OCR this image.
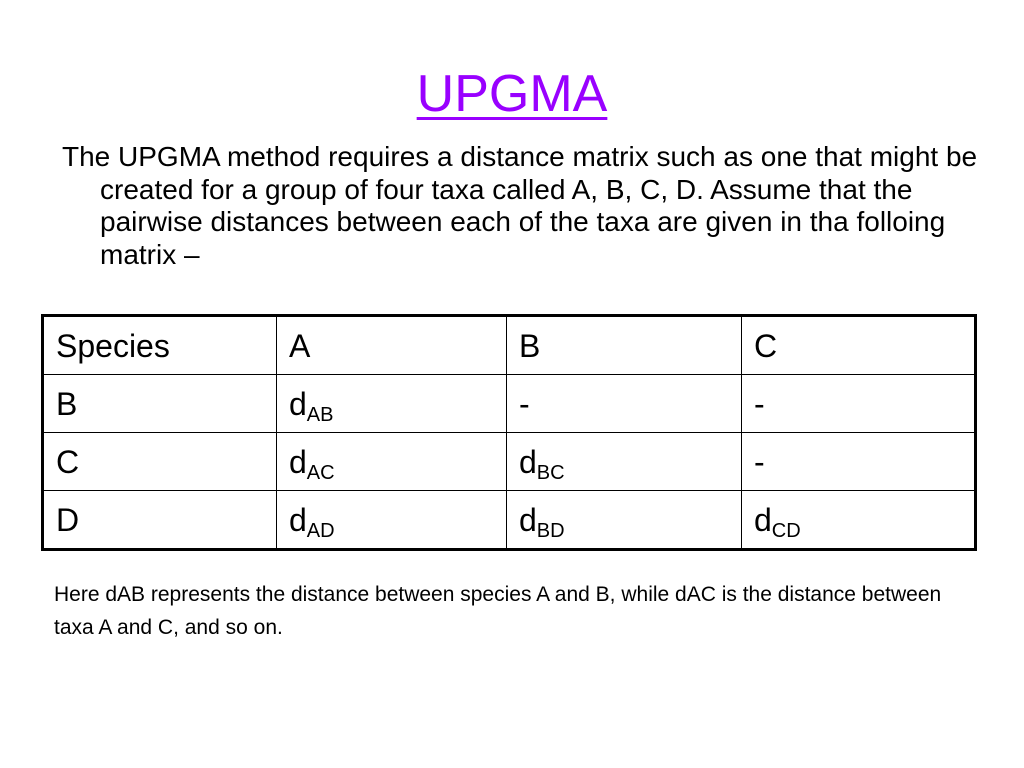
UPGMA

The UPGMA method requires a distance matrix such as one that might be created for a group of four taxa called A, B, C, D. Assume that the pairwise distances between each of the taxa are given in tha folloing matrix –

Species	A	B	C
B	$d_{AB}$	-	-
C	$d_{AC}$	$d_{BC}$	-
D	$d_{AD}$	$d_{BD}$	$d_{CD}$

Here dAB represents the distance between species A and B, while dAC is the distance between taxa A and C, and so on.
